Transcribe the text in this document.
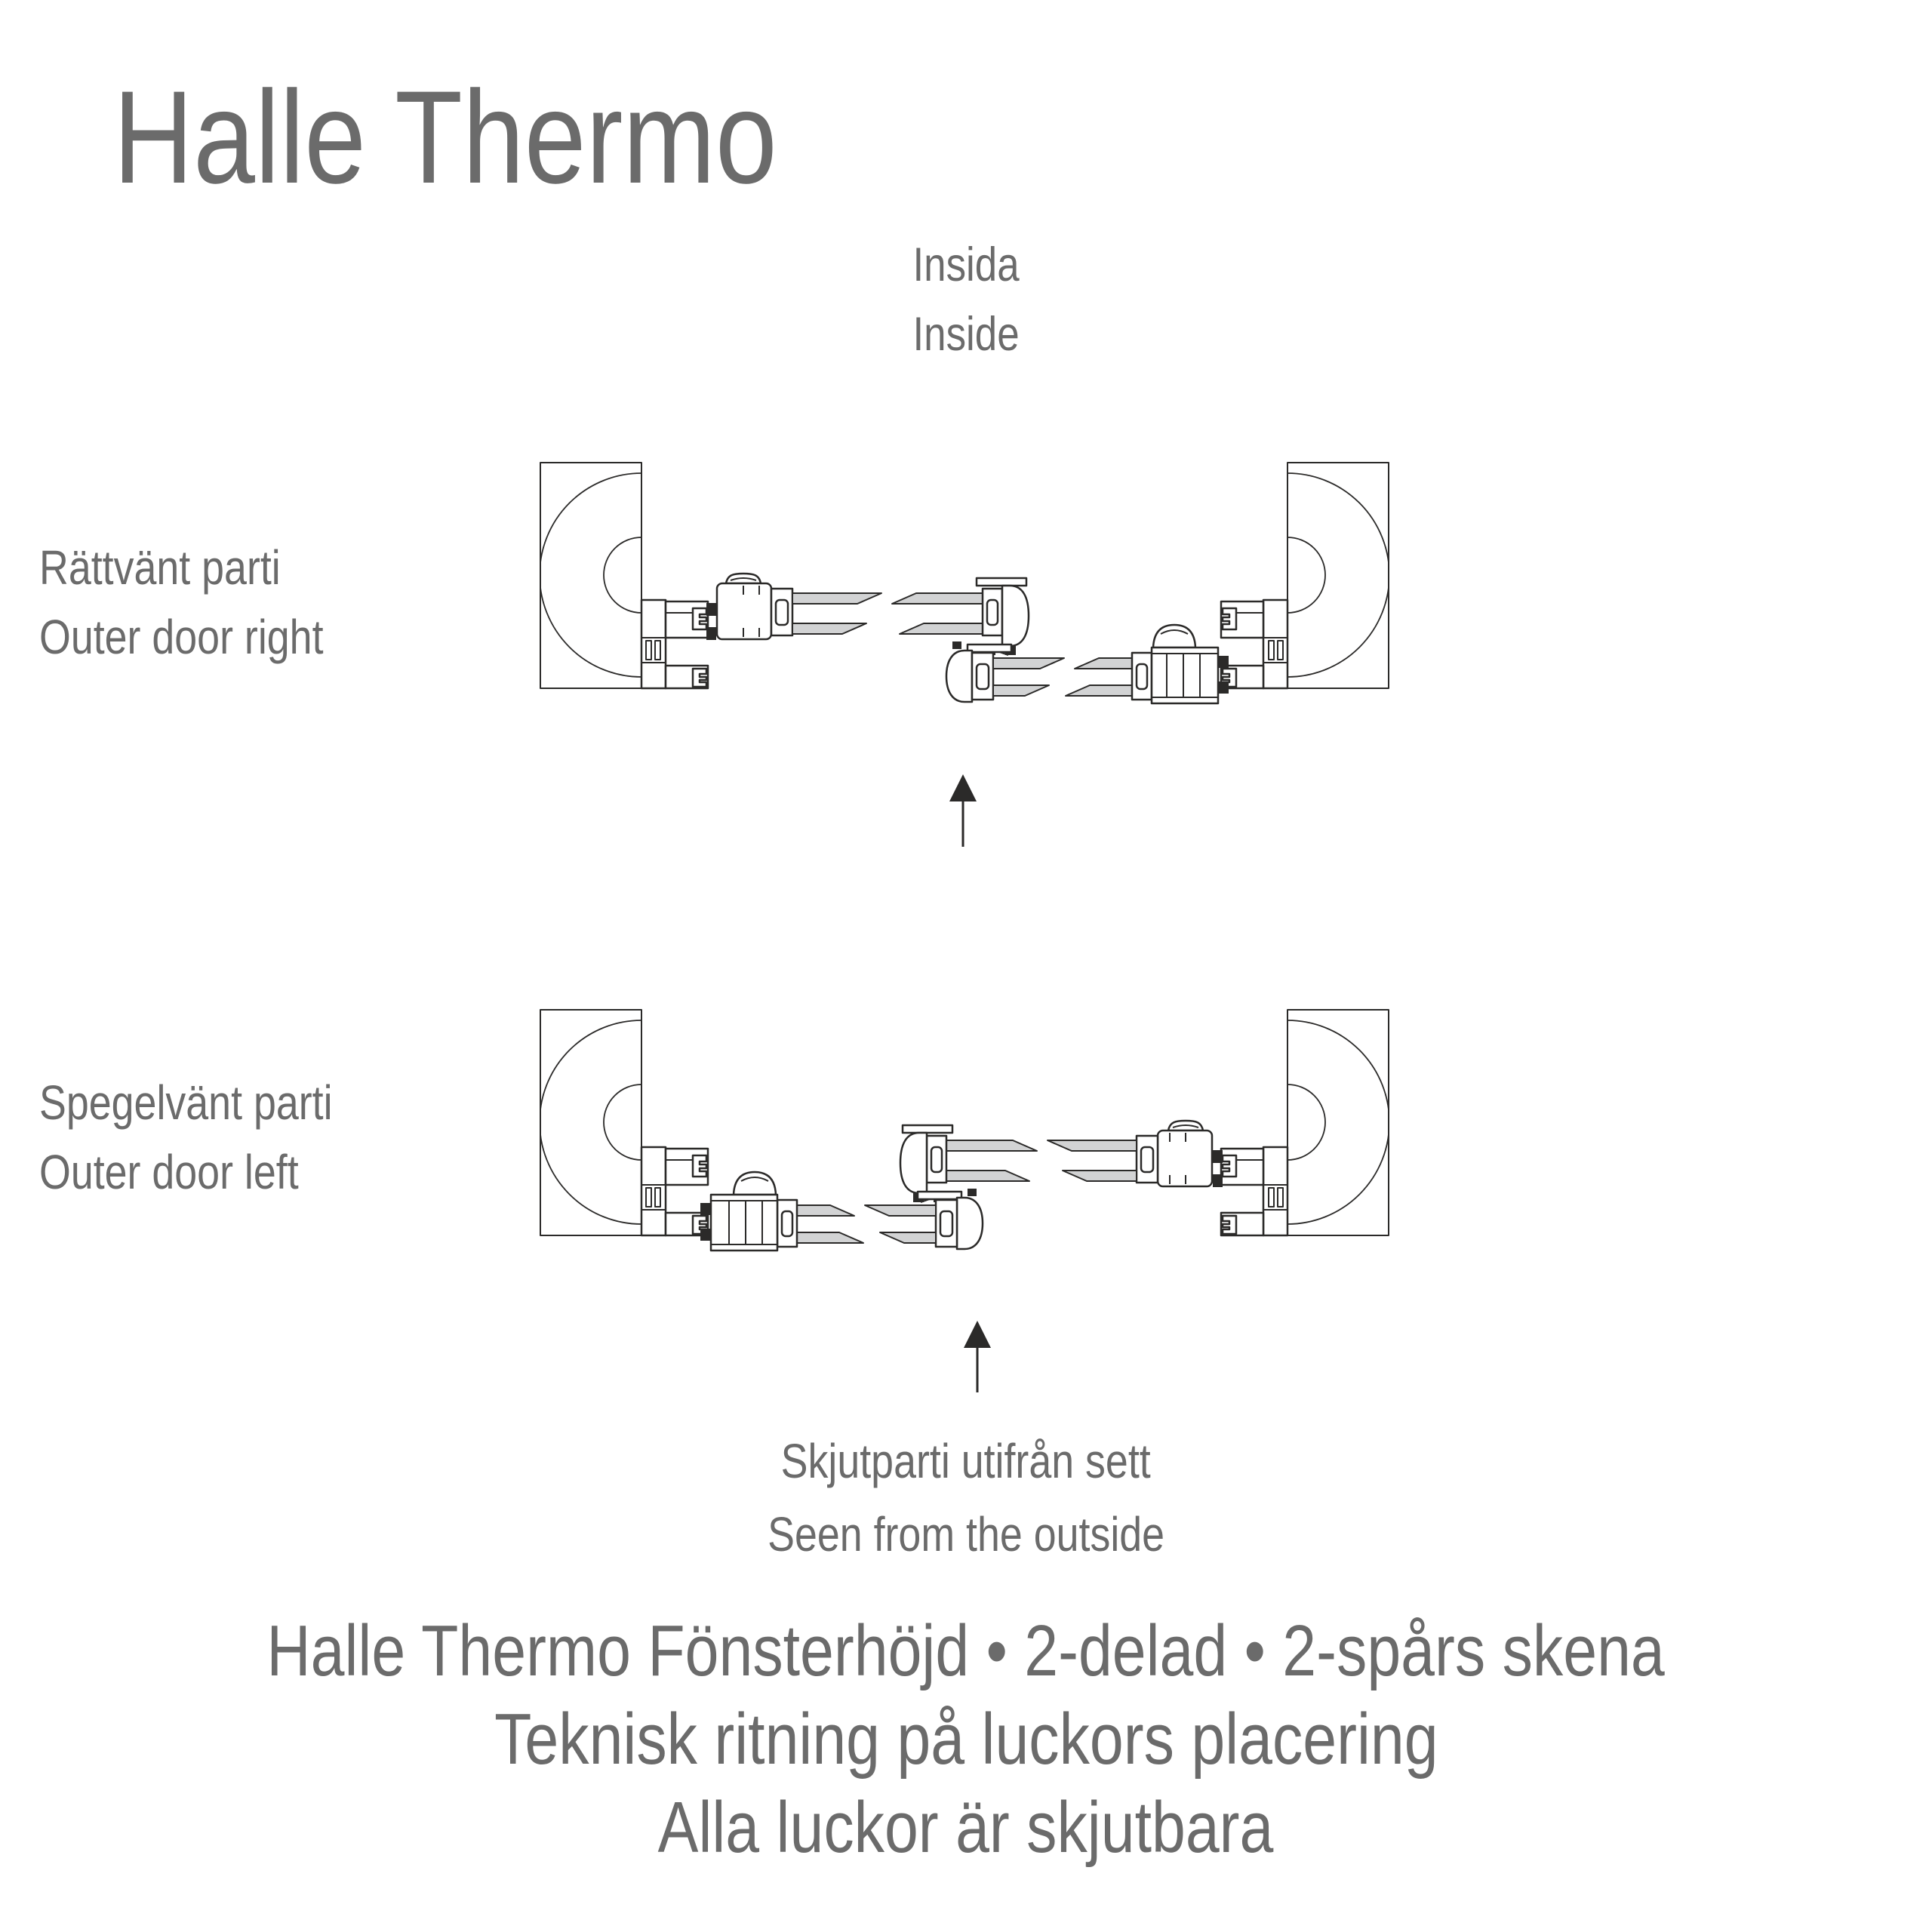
Halle Thermo
Insida
Inside
Rättvänt parti
Outer door right
Spegelvänt parti
Outer door left
Skjutparti utifrån sett
Seen from the outside
Halle Thermo Fönsterhöjd • 2-delad • 2-spårs skena
Teknisk ritning på luckors placering
Alla luckor är skjutbara
